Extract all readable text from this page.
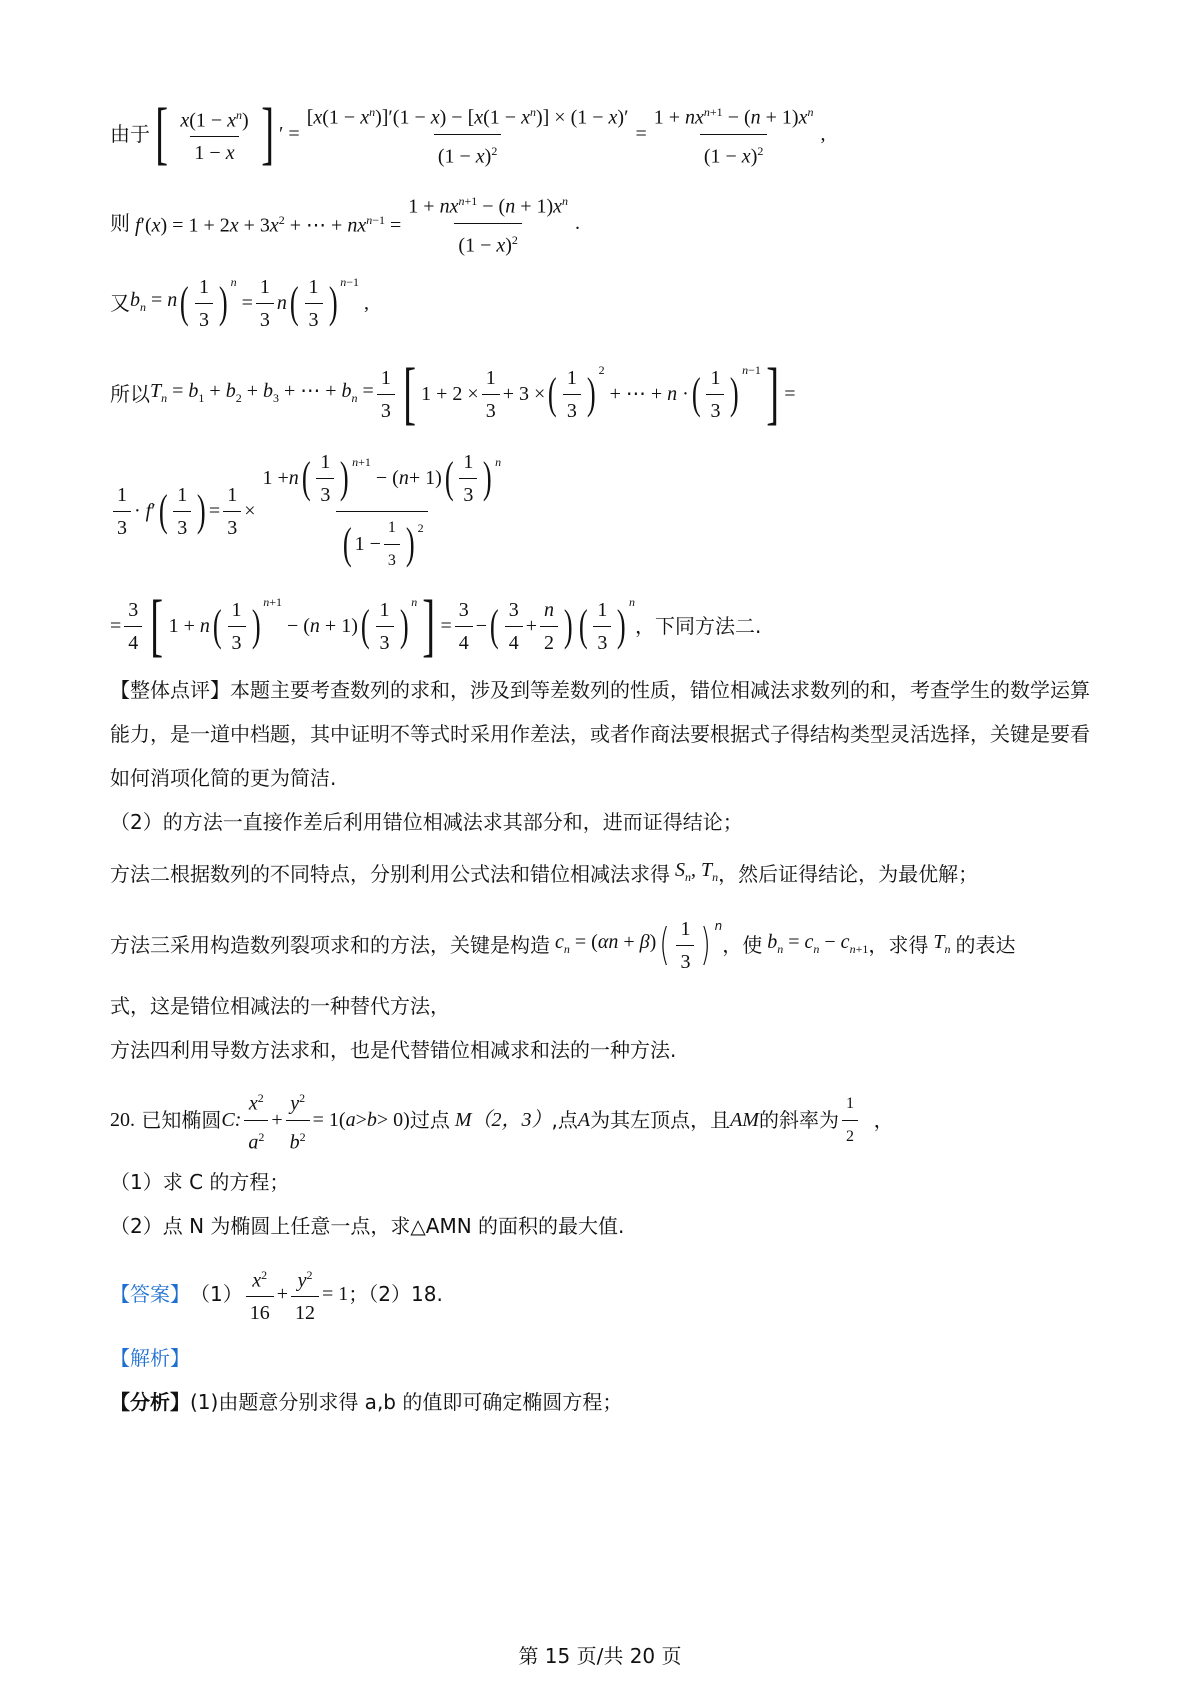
由于 [ $\frac{x(1 - x^n)}{1 - x}$ ] ′ = $\frac{[x(1 - x^n)]'(1 - x) - [x(1 - x^n)] \times (1 - x)'}{(1 - x)^2} = \frac{1 + nx^{n+1} - (n + 1)x^n}{(1 - x)^2}$ ,
则 $f'(x) = 1 + 2x + 3x^2$ + ⋯ + $nx^{n-1} = \frac{1 + nx^{n+1} - (n + 1)x^n}{(1 - x)^2}$ .
又 $b_n = n$ ( $\frac{1}{3}$ ) $^n$
= $\frac{1}{3}$ n ( $\frac{1}{3}$ ) $^{n-1}$
,
所以 $T_n = b_1 + b_2 + b_3$ + ⋯ + $b_n = \frac{1}{3}$ [ $1 + 2 \times \frac{1}{3} + 3$ × ( $\frac{1}{3} )^2$
+ ⋯ + n · ( $\frac{1}{3}$ ) $^{n-1}$ ] =
$\frac{1}{3} \cdot f'$ ( $\frac{1}{3}$ ) = $\frac{1}{3} \times 1 + n$ ( $\frac{1}{3}$ ) $^{n+1}$
− ( n + 1) ( $\frac{1}{3}$ ) $^n$
( $1 - \frac{1}{3} )^2$
= $\frac{3}{4}$ [ 1 + n ( $\frac{1}{3}$ ) $^{n+1}$
− (n + 1) ( $\frac{1}{3}$ ) $^n$ ] = $\frac{3}{4}$ − ( $\frac{3}{4} + \frac{n}{2}$ ) ( $\frac{1}{3}$ ) $^n$
，下同方法二.
【整体点评】本题主要考查数列的求和，涉及到等差数列的性质，错位相减法求数列的和，考查学生的数学运算能力，是一道中档题，其中证明不等式时采用作差法，或者作商法要根据式子得结构类型灵活选择，关键是要看如何消项化简的更为简洁.
（2）的方法一直接作差后利用错位相减法求其部分和，进而证得结论；
方法二根据数列的不同特点，分别利用公式法和错位相减法求得 $S_n$, $T_n$ ，然后证得结论，为最优解；
方法三采用构造数列裂项求和的方法，关键是构造 $c_n = (\alpha n + \beta)$ ( $\frac{1}{3}$ ) $^n$
，使 $b_n = c_n - c_{n+1}$ ，求得 $T_n$ 的表达
式，这是错位相减法的一种替代方法，
方法四利用导数方法求和，也是代替错位相减求和法的一种方法.
20.
已知椭圆 C: $\frac{x^2}{a^2} + \frac{y^2}{b^2} = 1$( a > b > 0) 过点 M（2，3） ,点 A 为其左顶点，且 AM 的斜率为 $\frac{1}{2}$ ，
（1）求 C 的方程；
（2）点 N 为椭圆上任意一点，求△AMN 的面积的最大值.
【答案】 $(1) \frac{x^2}{16} + \frac{y^2}{12} = 1$ ；（2）18.
【解析】
【分析】(1)由题意分别求得 a,b 的值即可确定椭圆方程；
第 15 页/共 20 页
